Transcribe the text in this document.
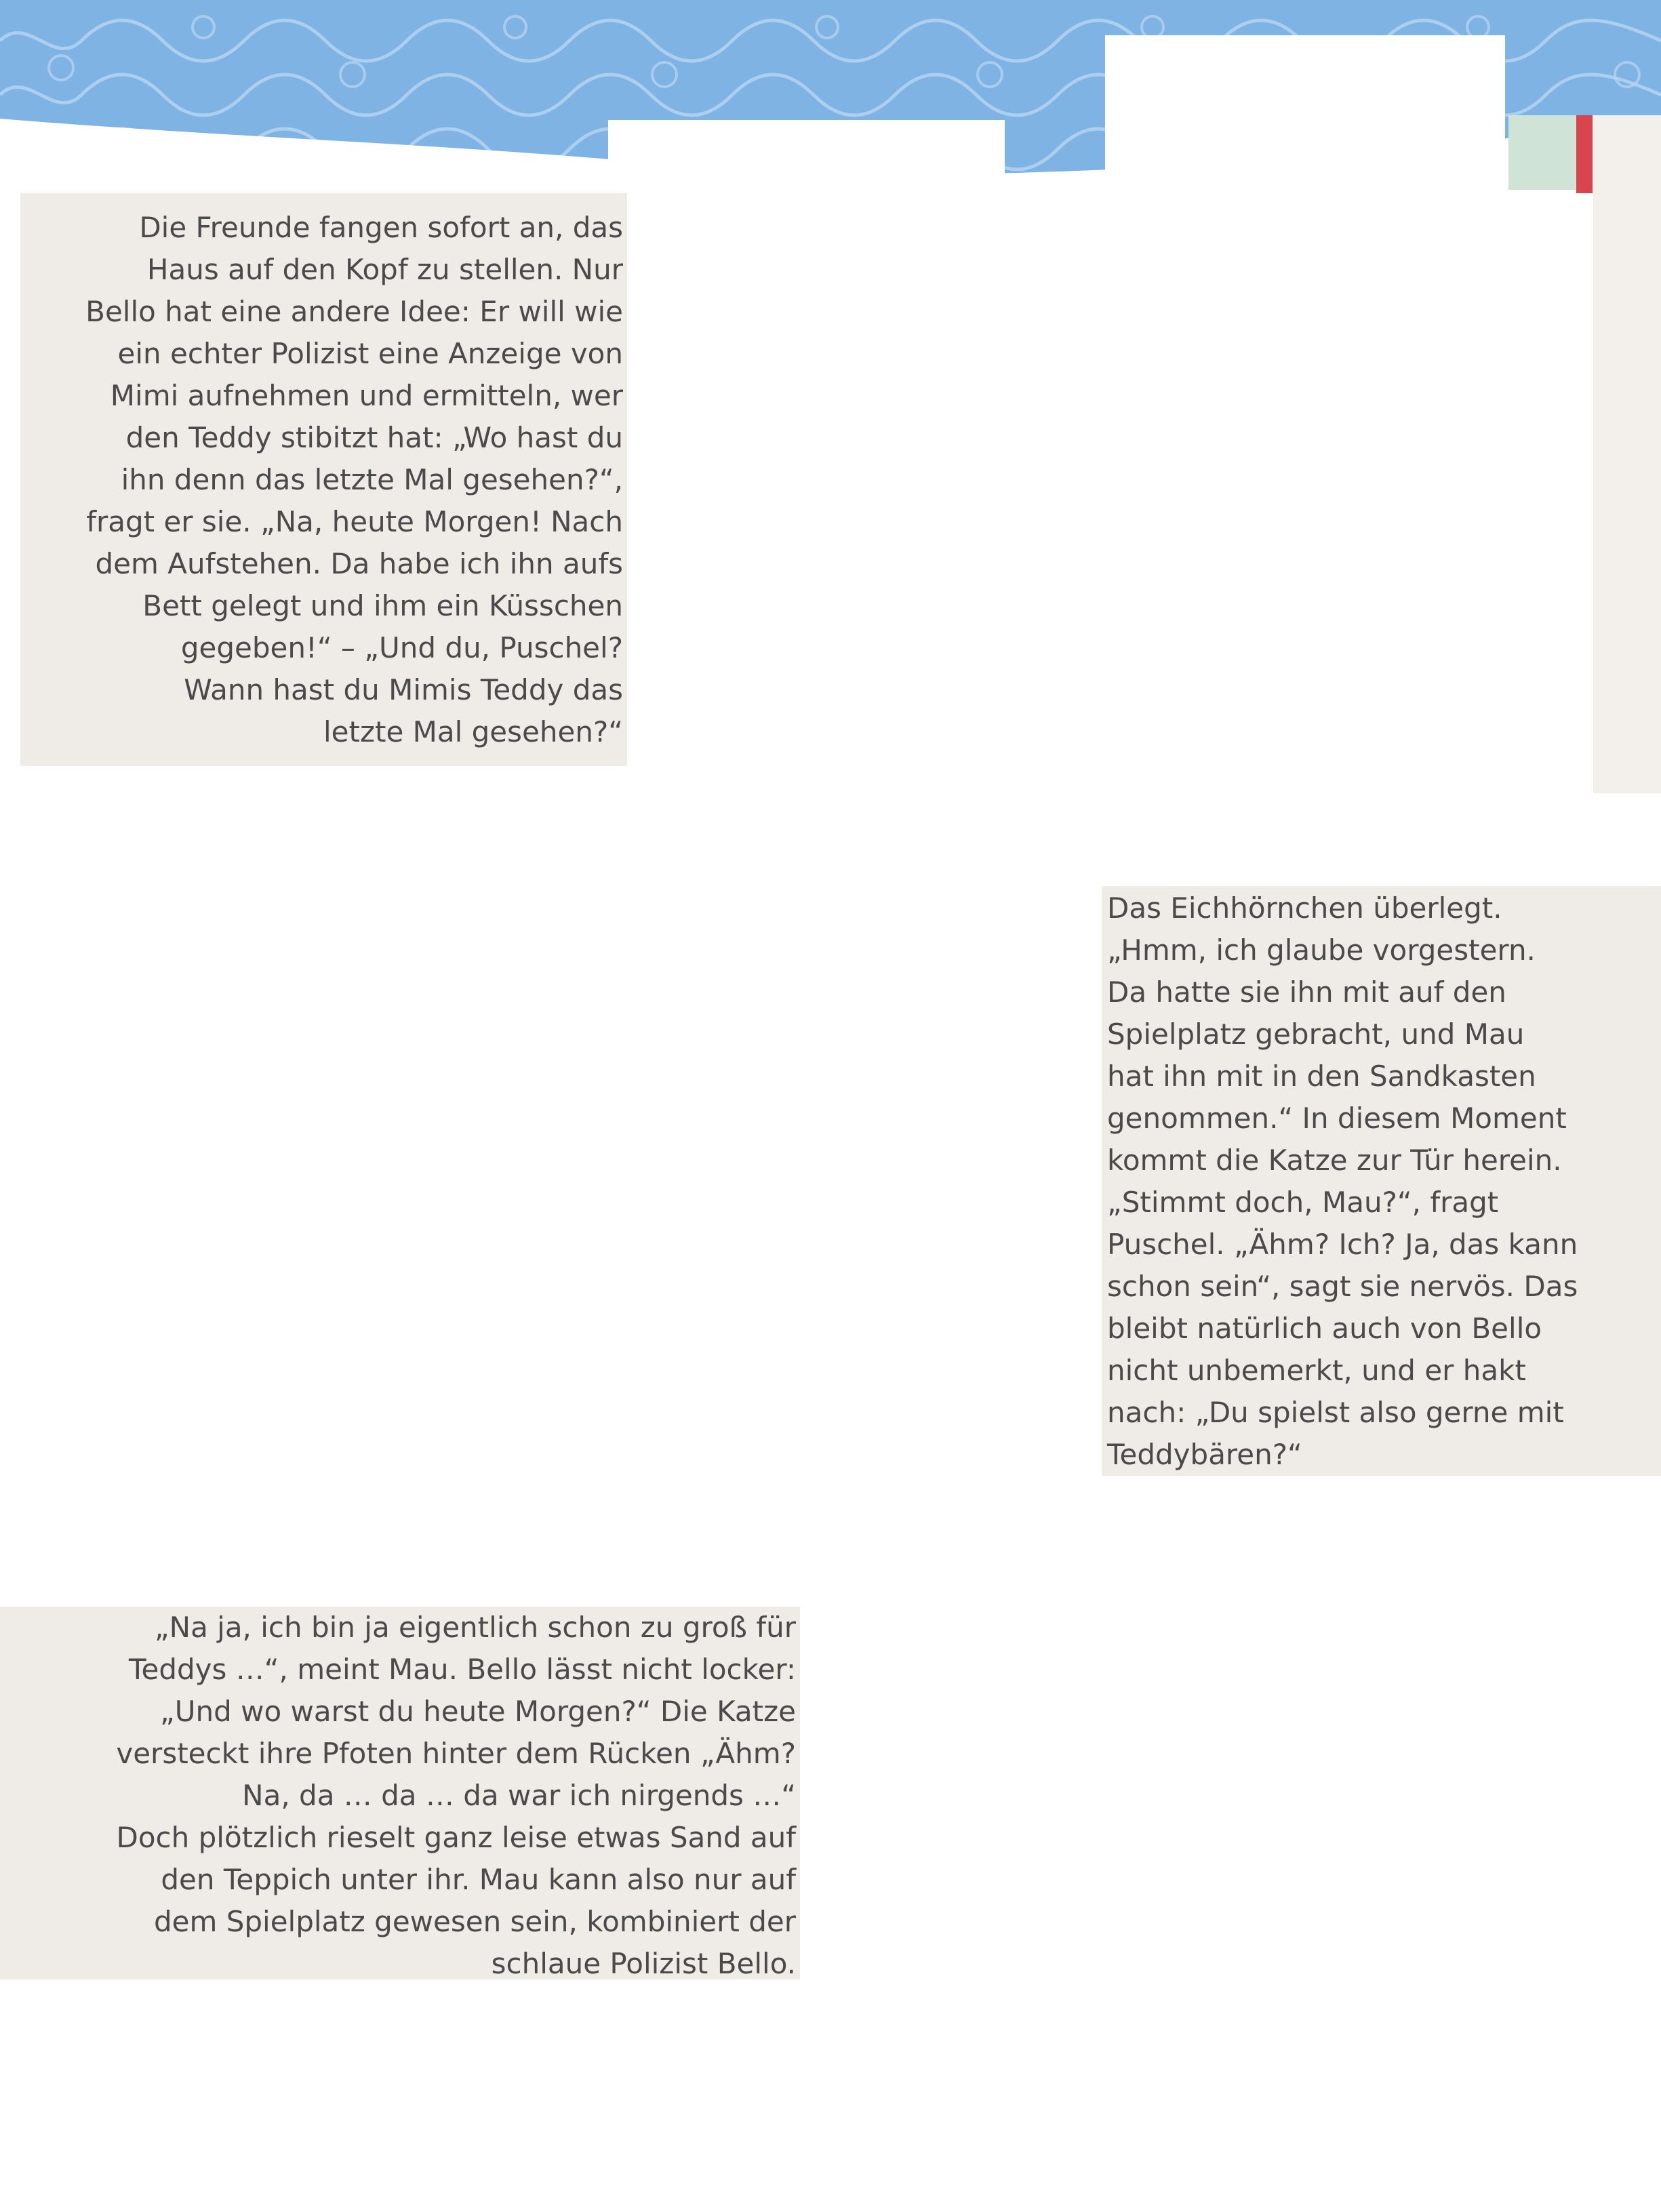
Die Freunde fangen sofort an, das
Haus auf den Kopf zu stellen. Nur
Bello hat eine andere Idee: Er will wie
ein echter Polizist eine Anzeige von
Mimi aufnehmen und ermitteln, wer
den Teddy stibitzt hat: „Wo hast du
ihn denn das letzte Mal gesehen?“,
fragt er sie. „Na, heute Morgen! Nach
dem Aufstehen. Da habe ich ihn aufs
Bett gelegt und ihm ein Küsschen
gegeben!“ – „Und du, Puschel?
Wann hast du Mimis Teddy das
letzte Mal gesehen?“
Das Eichhörnchen überlegt.
„Hmm, ich glaube vorgestern.
Da hatte sie ihn mit auf den
Spielplatz gebracht, und Mau
hat ihn mit in den Sandkasten
genommen.“ In diesem Moment
kommt die Katze zur Tür herein.
„Stimmt doch, Mau?“, fragt
Puschel. „Ähm? Ich? Ja, das kann
schon sein“, sagt sie nervös. Das
bleibt natürlich auch von Bello
nicht unbemerkt, und er hakt
nach: „Du spielst also gerne mit
Teddybären?“
„Na ja, ich bin ja eigentlich schon zu groß für
Teddys …“, meint Mau. Bello lässt nicht locker:
„Und wo warst du heute Morgen?“ Die Katze
versteckt ihre Pfoten hinter dem Rücken „Ähm?
Na, da … da … da war ich nirgends …“
Doch plötzlich rieselt ganz leise etwas Sand auf
den Teppich unter ihr. Mau kann also nur auf
dem Spielplatz gewesen sein, kombiniert der
schlaue Polizist Bello.
